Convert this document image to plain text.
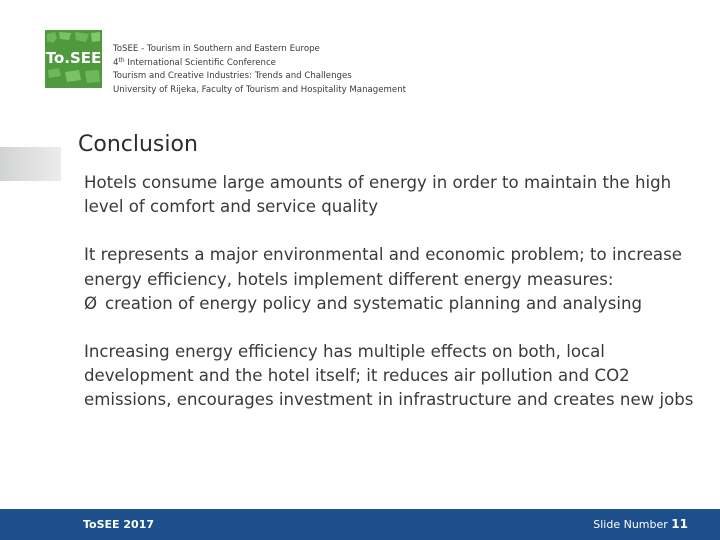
To.SEE ToSEE - Tourism in Southern and Eastern Europe
4th International Scientific Conference
Tourism and Creative Industries: Trends and Challenges
University of Rijeka, Faculty of Tourism and Hospitality Management
Conclusion

Hotels consume large amounts of energy in order to maintain the high level of comfort and service quality

It represents a major environmental and economic problem; to increase energy efficiency, hotels implement different energy measures:

Ø creation of energy policy and systematic planning and analysing

Increasing energy efficiency has multiple effects on both, local development and the hotel itself; it reduces air pollution and CO2 emissions, encourages investment in infrastructure and creates new jobs

ToSEE 2017	Slide Number 11
